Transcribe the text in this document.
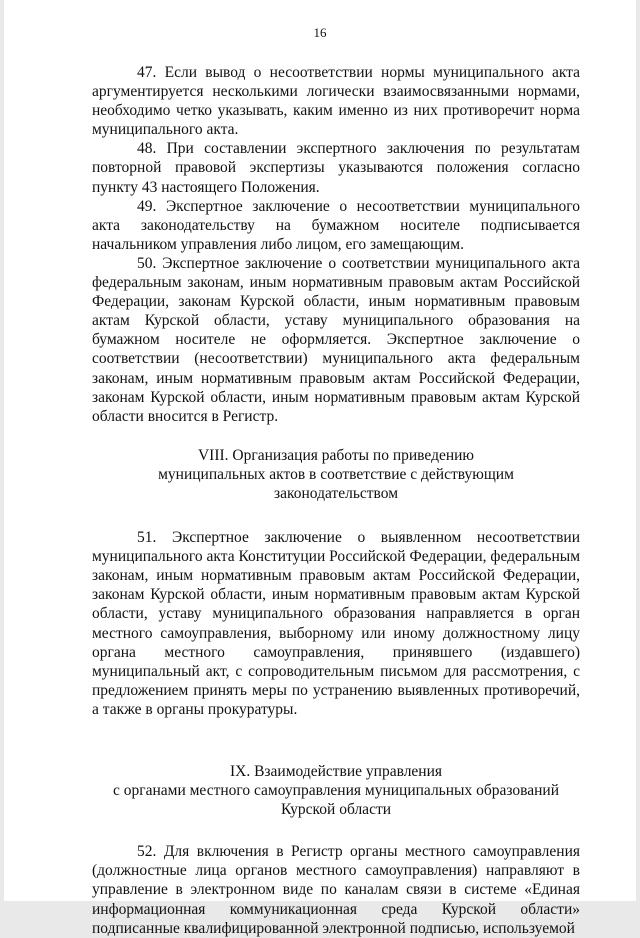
16

47. Если вывод о несоответствии нормы муниципального акта аргументируется несколькими логически взаимосвязанными нормами, необходимо четко указывать, каким именно из них противоречит норма муниципального акта.

48. При составлении экспертного заключения по результатам повторной правовой экспертизы указываются положения согласно пункту 43 настоящего Положения.

49. Экспертное заключение о несоответствии муниципального акта законодательству на бумажном носителе подписывается начальником управления либо лицом, его замещающим.

50. Экспертное заключение о соответствии муниципального акта федеральным законам, иным нормативным правовым актам Российской Федерации, законам Курской области, иным нормативным правовым актам Курской области, уставу муниципального образования на бумажном носителе не оформляется. Экспертное заключение о соответствии (несоответствии) муниципального акта федеральным законам, иным нормативным правовым актам Российской Федерации, законам Курской области, иным нормативным правовым актам Курской области вносится в Регистр.

VIII. Организация работы по приведению

муниципальных актов в соответствие с действующим

законодательством

51. Экспертное заключение о выявленном несоответствии муниципального акта Конституции Российской Федерации, федеральным законам, иным нормативным правовым актам Российской Федерации, законам Курской области, иным нормативным правовым актам Курской области, уставу муниципального образования направляется в орган местного самоуправления, выборному или иному должностному лицу органа местного самоуправления, принявшего (издавшего) муниципальный акт, с сопроводительным письмом для рассмотрения, с предложением принять меры по устранению выявленных противоречий, а также в органы прокуратуры.

IX. Взаимодействие управления

с органами местного самоуправления муниципальных образований

Курской области

52. Для включения в Регистр органы местного самоуправления (должностные лица органов местного самоуправления) направляют в управление в электронном виде по каналам связи в системе «Единая информационная коммуникационная среда Курской области» подписанные квалифицированной электронной подписью, используемой
